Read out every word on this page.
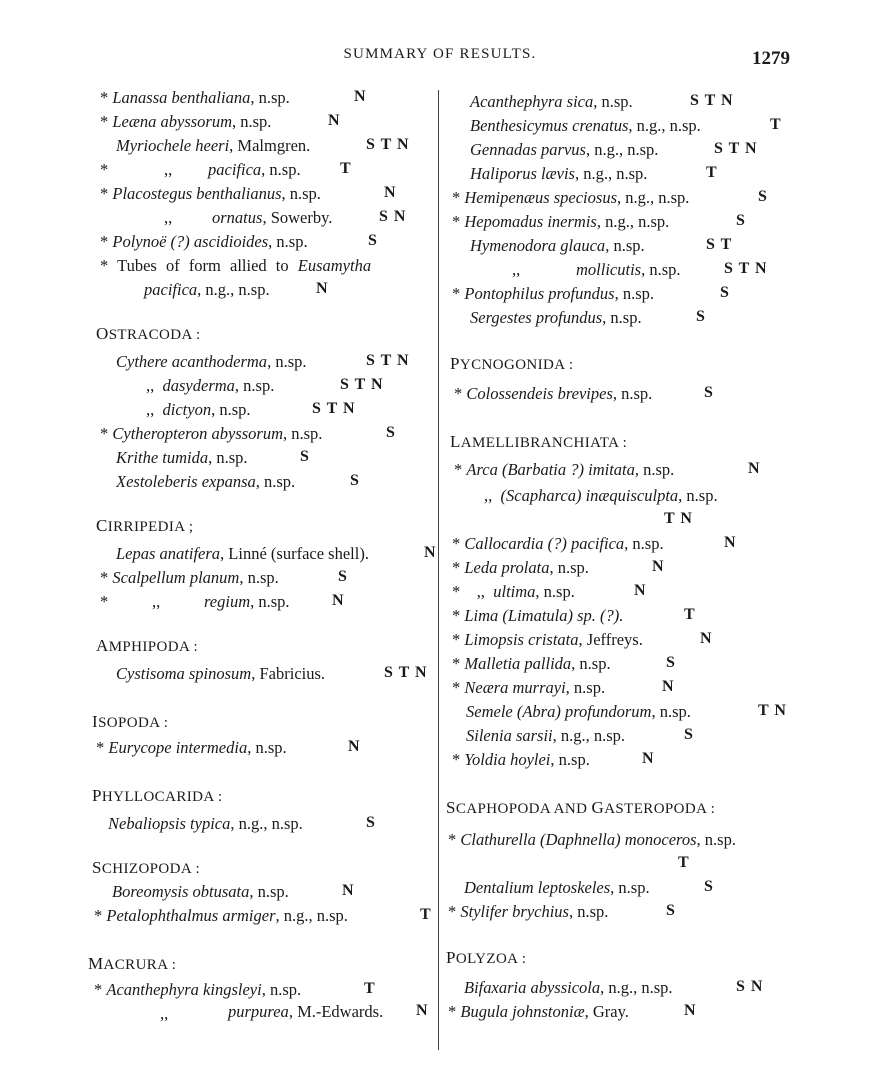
SUMMARY OF RESULTS.	1279
* Lanassa benthaliana, n.sp.	N
* Leæna abyssorum, n.sp.	N
Myriochele heeri, Malmgren.	S T N
*	,, pacifica, n.sp. T
* Placostegus benthalianus, n.sp.	N
,, ornatus, Sowerby.	S N
* Polynoë (?) ascidioides, n.sp.	S
* Tubes of form allied to Eusamytha
pacifica, n.g., n.sp.	N
OSTRACODA :
Cythere acanthoderma, n.sp.	S T N
,, dasyderma, n.sp.	S T N
,, dictyon, n.sp.	S T N
* Cytheropteron abyssorum, n.sp.	S
Krithe tumida, n.sp.	S
Xestoleberis expansa, n.sp.	S
CIRRIPEDIA ;
Lepas anatifera, Linné (surface shell).	N
* Scalpellum planum, n.sp.	S
*	,,	regium, n.sp.	N
AMPHIPODA :
Cystisoma spinosum, Fabricius.	S T N
ISOPODA :
* Eurycope intermedia, n.sp.	N
PHYLLOCARIDA :
Nebaliopsis typica, n.g., n.sp.	S
SCHIZOPODA :
Boreomysis obtusata, n.sp.	N
* Petalophthalmus armiger, n.g., n.sp.	T
MACRURA :
* Acanthephyra kingsleyi, n.sp.	T
,,	purpurea, M.-Edwards. N
Acanthephyra sica, n.sp.	S T N
Benthesicymus crenatus, n.g., n.sp.	T
Gennadas parvus, n.g., n.sp.	S T N
Haliporus lævis, n.g., n.sp.	T
* Hemipenæus speciosus, n.g., n.sp.	S
* Hepomadus inermis, n.g., n.sp.	S
Hymenodora glauca, n.sp.	S T
,,	mollicutis, n.sp.	S T N
* Pontophilus profundus, n.sp.	S
Sergestes profundus, n.sp.	S
PYCNOGONIDA :
* Colossendeis brevipes, n.sp.	S
LAMELLIBRANCHIATA :
* Arca (Barbatia ?) imitata, n.sp.	N
,, (Scapharca) inæquisculpta, n.sp.
T N
* Callocardia (?) pacifica, n.sp.	N
* Leda prolata, n.sp.	N
* ,, ultima, n.sp.	N
* Lima (Limatula) sp. (?).	T
* Limopsis cristata, Jeffreys.	N
* Malletia pallida, n.sp.	S
* Neæra murrayi, n.sp.	N
Semele (Abra) profundorum, n.sp.	T N
Silenia sarsii, n.g., n.sp.	S
* Yoldia hoylei, n.sp.	N
SCAPHOPODA AND GASTEROPODA :
* Clathurella (Daphnella) monoceros, n.sp.
T
Dentalium leptoskeles, n.sp.	S
* Stylifer brychius, n.sp.	S
POLYZOA :
Bifaxaria abyssicola, n.g., n.sp.	S N
* Bugula johnstoniæ, Gray.	N
